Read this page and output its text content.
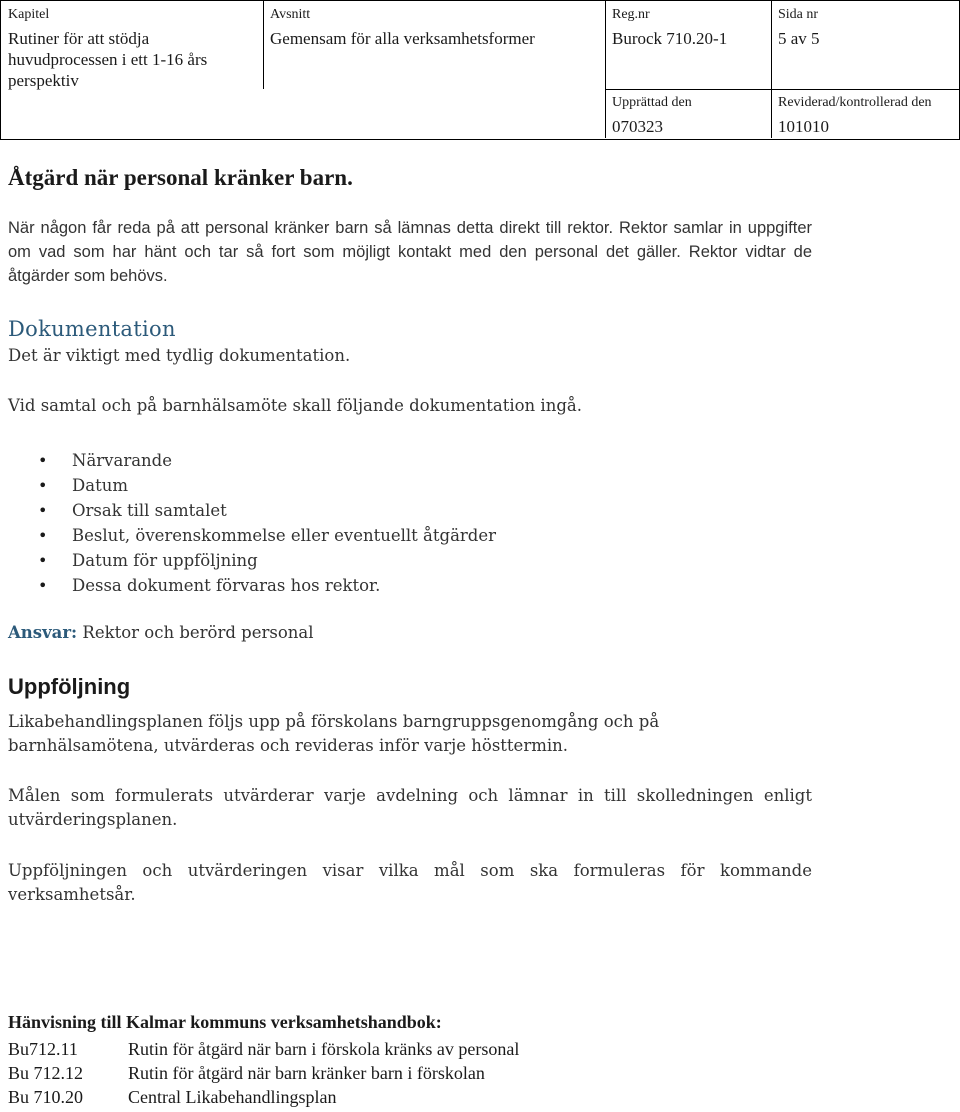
Kapitel
Rutiner för att stödja
huvudprocessen i ett 1-16 års
perspektiv
Avsnitt
Gemensam för alla verksamhetsformer
Reg.nr
Burock 710.20-1
Sida nr
5 av 5
Upprättad den
070323
Reviderad/kontrollerad den
101010
Åtgärd när personal kränker barn.
När någon får reda på att personal kränker barn så lämnas detta direkt till rektor. Rektor samlar in uppgifter om vad som har hänt och tar så fort som möjligt kontakt med den personal det gäller. Rektor vidtar de åtgärder som behövs.
Dokumentation
Det är viktigt med tydlig dokumentation.
Vid samtal och på barnhälsamöte skall följande dokumentation ingå.
• Närvarande
• Datum
• Orsak till samtalet
• Beslut, överenskommelse eller eventuellt åtgärder
• Datum för uppföljning
• Dessa dokument förvaras hos rektor.
Ansvar: Rektor och berörd personal
Uppföljning
Likabehandlingsplanen följs upp på förskolans barngruppsgenomgång och på barnhälsamötena, utvärderas och revideras inför varje hösttermin.
Målen som formulerats utvärderar varje avdelning och lämnar in till skolledningen enligt utvärderingsplanen.
Uppföljningen och utvärderingen visar vilka mål som ska formuleras för kommande verksamhetsår.
Hänvisning till Kalmar kommuns verksamhetshandbok:
Bu712.11	Rutin för åtgärd när barn i förskola kränks av personal
Bu 712.12 Rutin för åtgärd när barn kränker barn i förskolan
Bu 710.20 Central Likabehandlingsplan
